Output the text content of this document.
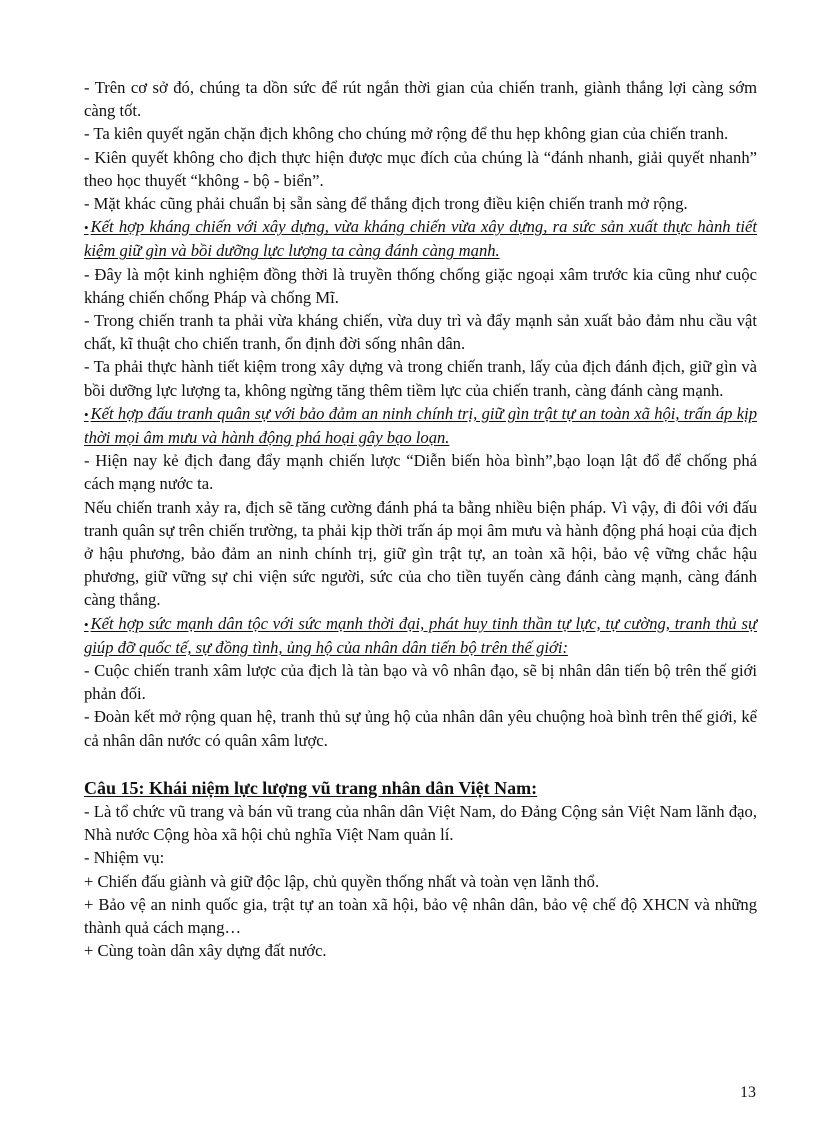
- Trên cơ sở đó, chúng ta dồn sức để rút ngắn thời gian của chiến tranh, giành thắng lợi càng sớm càng tốt.

- Ta kiên quyết ngăn chặn địch không cho chúng mở rộng để thu hẹp không gian của chiến tranh.

- Kiên quyết không cho địch thực hiện được mục đích của chúng là “đánh nhanh, giải quyết nhanh” theo học thuyết “không - bộ - biển”.

- Mặt khác cũng phải chuẩn bị sẵn sàng để thắng địch trong điều kiện chiến tranh mở rộng.

• Kết hợp kháng chiến với xây dựng, vừa kháng chiến vừa xây dựng, ra sức sản xuất thực hành tiết kiệm giữ gìn và bồi dưỡng lực lượng ta càng đánh càng mạnh.

- Đây là một kinh nghiệm đồng thời là truyền thống chống giặc ngoại xâm trước kia cũng như cuộc kháng chiến chống Pháp và chống Mĩ.

- Trong chiến tranh ta phải vừa kháng chiến, vừa duy trì và đẩy mạnh sản xuất bảo đảm nhu cầu vật chất, kĩ thuật cho chiến tranh, ổn định đời sống nhân dân.

- Ta phải thực hành tiết kiệm trong xây dựng và trong chiến tranh, lấy của địch đánh địch, giữ gìn và bồi dưỡng lực lượng ta, không ngừng tăng thêm tiềm lực của chiến tranh, càng đánh càng mạnh.

• Kết hợp đấu tranh quân sự với bảo đảm an ninh chính trị, giữ gìn trật tự an toàn xã hội, trấn áp kịp thời mọi âm mưu và hành động phá hoại gây bạo loạn.

- Hiện nay kẻ địch đang đẩy mạnh chiến lược “Diễn biến hòa bình”,bạo loạn lật đổ để chống phá cách mạng nước ta.

Nếu chiến tranh xảy ra, địch sẽ tăng cường đánh phá ta bằng nhiều biện pháp. Vì vậy, đi đôi với đấu tranh quân sự trên chiến trường, ta phải kịp thời trấn áp mọi âm mưu và hành động phá hoại của địch ở hậu phương, bảo đảm an ninh chính trị, giữ gìn trật tự, an toàn xã hội, bảo vệ vững chắc hậu phương, giữ vững sự chi viện sức người, sức của cho tiền tuyến càng đánh càng mạnh, càng đánh càng thắng.

• Kết hợp sức mạnh dân tộc với sức mạnh thời đại, phát huy tinh thần tự lực, tự cường, tranh thủ sự giúp đỡ quốc tế, sự đồng tình, ủng hộ của nhân dân tiến bộ trên thế giới:

- Cuộc chiến tranh xâm lược của địch là tàn bạo và vô nhân đạo, sẽ bị nhân dân tiến bộ trên thế giới phản đối.

- Đoàn kết mở rộng quan hệ, tranh thủ sự ủng hộ của nhân dân yêu chuộng hoà bình trên thế giới, kể cả nhân dân nước có quân xâm lược.

Câu 15: Khái niệm lực lượng vũ trang nhân dân Việt Nam:

- Là tổ chức vũ trang và bán vũ trang của nhân dân Việt Nam, do Đảng Cộng sản Việt Nam lãnh đạo, Nhà nước Cộng hòa xã hội chủ nghĩa Việt Nam quản lí.

- Nhiệm vụ:

+ Chiến đấu giành và giữ độc lập, chủ quyền thống nhất và toàn vẹn lãnh thổ.

+ Bảo vệ an ninh quốc gia, trật tự an toàn xã hội, bảo vệ nhân dân, bảo vệ chế độ XHCN và những thành quả cách mạng…

+ Cùng toàn dân xây dựng đất nước.

13
